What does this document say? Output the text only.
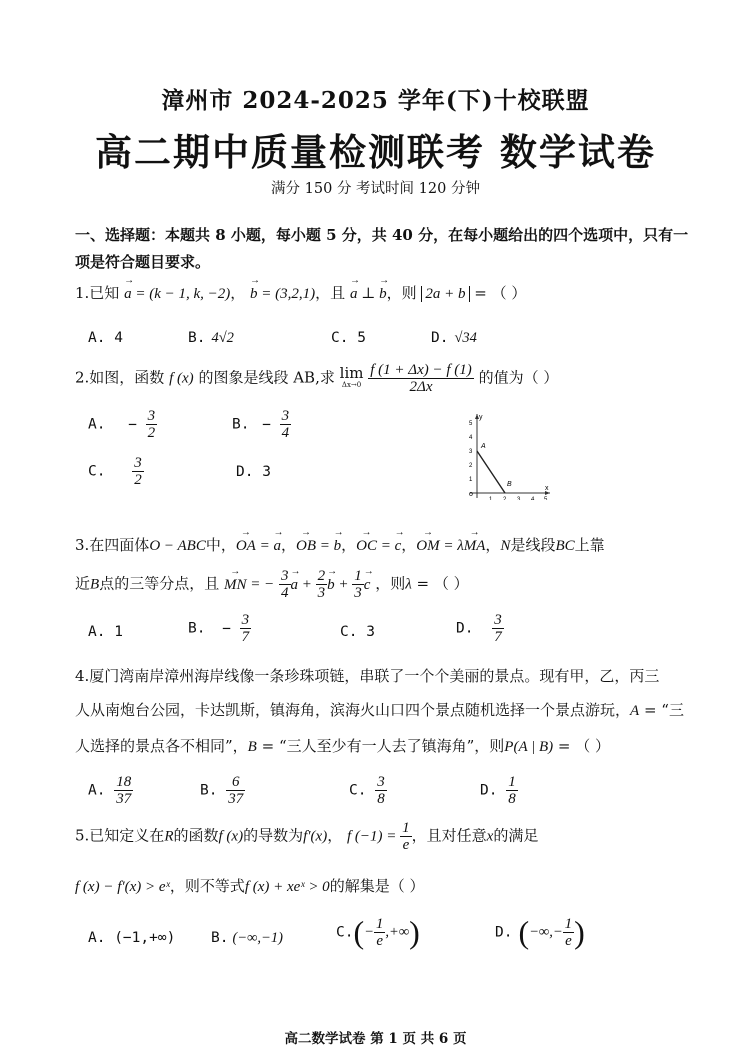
漳州市 2024-2025 学年(下)十校联盟
高二期中质量检测联考 数学试卷
满分 150 分 考试时间 120 分钟
一、选择题：本题共 8 小题，每小题 5 分，共 40 分，在每小题给出的四个选项中，只有一
项是符合题目要求。
1.已知 → a = (k − 1, k, −2)， → b = (3,2,1)，且 → a ⊥ → b，则 2a + b = （ ）
A. 4	B. 4√2	C. 5	D. √34
2.如图，函数 f (x) 的图象是线段 AB,求 lim
Δx→0
$\frac{f (1 + \Delta x) - f (1)}{2\Delta x}$ 的值为（ ）
A. − $\frac{3}{2}$	B. − $\frac{3}{4}$
C. $\frac{3}{2}$	D. 3
y
x
o
5
4
3
2
1
1 2 3 4 5
A
B
3.在四面体O − ABC中，→ OA = → a，→ OB = → b，→ OC = → c，→ OM = λ→ MA，N是线段BC上靠
近B点的三等分点，且 → MN = − $\frac{3}{4}$
→ $a + \frac{2}{3}$
→ $b + \frac{1}{3}$
→ c ，则λ = （ ）
A. 1	B. − $\frac{3}{7}$	C. 3	D. $\frac{3}{7}$
4.厦门湾南岸漳州海岸线像一条珍珠项链，串联了一个个美丽的景点。现有甲，乙，丙三
人从南炮台公园，卡达凯斯，镇海角，滨海火山口四个景点随机选择一个景点游玩，A = “三
人选择的景点各不相同”，B = “三人至少有一人去了镇海角”，则P(A | B) = （ ）
A. $\frac{18}{37}$	B. $\frac{6}{37}$	C. $\frac{3}{8}$	D. $\frac{1}{8}$
5.已知定义在R的函数f (x)的导数为f′(x)， f $(-1) = \frac{1}{e}$ ，且对任意x的满足
f (x) − f′(x) > eˣ，则不等式f (x) + xeˣ > 0的解集是（ ）
A. (−1,+∞) B. (−∞,−1)	$C.(- \frac{1}{e}$ ,+∞)	D. (−∞,− $\frac{1}{e}$ )
高二数学试卷 第 1 页 共 6 页
